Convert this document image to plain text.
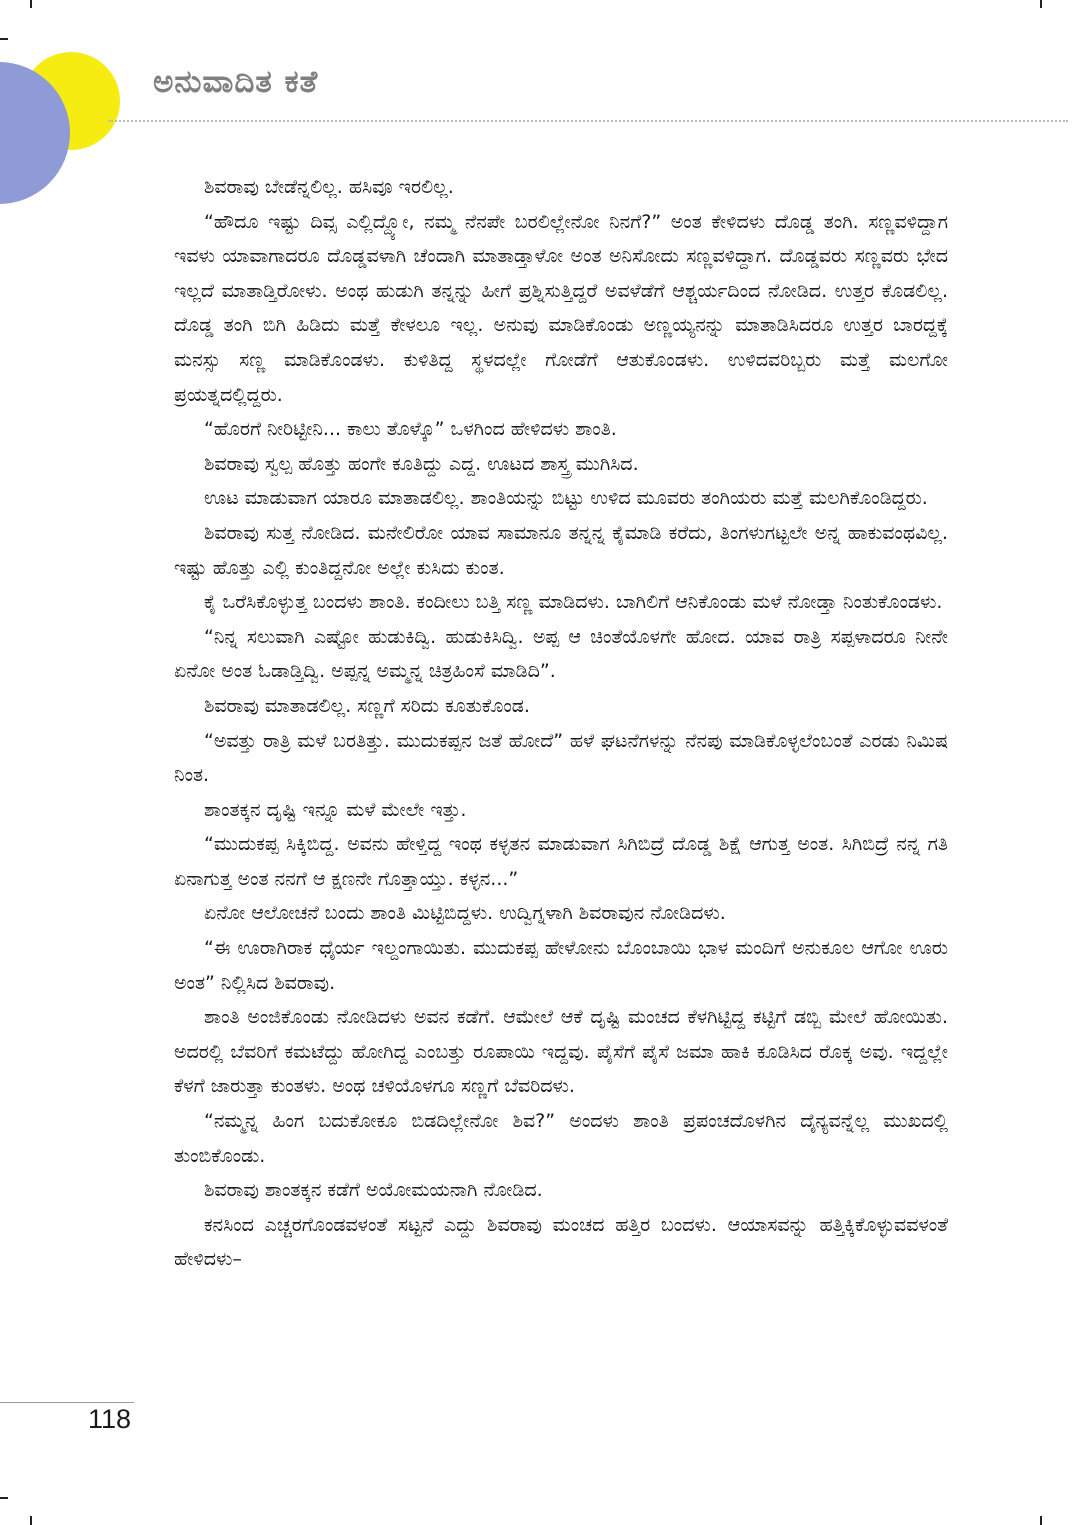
ಅನುವಾದಿತ ಕತೆ

ಶಿವರಾವು ಬೇಡೆನ್ನಲಿಲ್ಲ. ಹಸಿವೂ ಇರಲಿಲ್ಲ.

“ಹೌದೂ ಇಷ್ಟು ದಿವ್ಸ ಎಲ್ಲಿದ್ದ್ಯೋ, ನಮ್ಮ ನೆನಪೇ ಬರಲಿಲ್ಲೇನೋ ನಿನಗೆ?” ಅಂತ ಕೇಳಿದಳು ದೊಡ್ಡ ತಂಗಿ. ಸಣ್ಣವಳಿದ್ದಾಗ ಇವಳು ಯಾವಾಗಾದರೂ ದೊಡ್ಡವಳಾಗಿ ಚೆಂದಾಗಿ ಮಾತಾಡ್ತಾಳೋ ಅಂತ ಅನಿಸೋದು ಸಣ್ಣವಳಿದ್ದಾಗ. ದೊಡ್ಡವರು ಸಣ್ಣವರು ಭೇದ ಇಲ್ಲದೆ ಮಾತಾಡ್ತಿರೋಳು. ಅಂಥ ಹುಡುಗಿ ತನ್ನನ್ನು ಹೀಗೆ ಪ್ರಶ್ನಿಸುತ್ತಿದ್ದರೆ ಅವಳೆಡೆಗೆ ಆಶ್ಚರ್ಯದಿಂದ ನೋಡಿದ. ಉತ್ತರ ಕೊಡಲಿಲ್ಲ. ದೊಡ್ಡ ತಂಗಿ ಬಿಗಿ ಹಿಡಿದು ಮತ್ತೆ ಕೇಳಲೂ ಇಲ್ಲ. ಅನುವು ಮಾಡಿಕೊಂಡು ಅಣ್ಣಯ್ಯನನ್ನು ಮಾತಾಡಿಸಿದರೂ ಉತ್ತರ ಬಾರದ್ದಕ್ಕೆ ಮನಸ್ಸು ಸಣ್ಣ ಮಾಡಿಕೊಂಡಳು. ಕುಳಿತಿದ್ದ ಸ್ಥಳದಲ್ಲೇ ಗೋಡೆಗೆ ಆತುಕೊಂಡಳು. ಉಳಿದವರಿಬ್ಬರು ಮತ್ತೆ ಮಲಗೋ ಪ್ರಯತ್ನದಲ್ಲಿದ್ದರು.

“ಹೊರಗೆ ನೀರಿಟ್ಟೀನಿ... ಕಾಲು ತೊಳ್ಕೊ” ಒಳಗಿಂದ ಹೇಳಿದಳು ಶಾಂತಿ.

ಶಿವರಾವು ಸ್ವಲ್ಪ ಹೊತ್ತು ಹಂಗೇ ಕೂತಿದ್ದು ಎದ್ದ. ಊಟದ ಶಾಸ್ತ್ರ ಮುಗಿಸಿದ.

ಊಟ ಮಾಡುವಾಗ ಯಾರೂ ಮಾತಾಡಲಿಲ್ಲ. ಶಾಂತಿಯನ್ನು ಬಿಟ್ಟು ಉಳಿದ ಮೂವರು ತಂಗಿಯರು ಮತ್ತೆ ಮಲಗಿಕೊಂಡಿದ್ದರು.

ಶಿವರಾವು ಸುತ್ತ ನೋಡಿದ. ಮನೇಲಿರೋ ಯಾವ ಸಾಮಾನೂ ತನ್ನನ್ನ ಕೈಮಾಡಿ ಕರೆದು, ತಿಂಗಳುಗಟ್ಟಲೇ ಅನ್ನ ಹಾಕುವಂಥವಿಲ್ಲ. ಇಷ್ಟು ಹೊತ್ತು ಎಲ್ಲಿ ಕುಂತಿದ್ದನೋ ಅಲ್ಲೇ ಕುಸಿದು ಕುಂತ.

ಕೈ ಒರೆಸಿಕೊಳ್ಳುತ್ತ ಬಂದಳು ಶಾಂತಿ. ಕಂದೀಲು ಬತ್ತಿ ಸಣ್ಣ ಮಾಡಿದಳು. ಬಾಗಿಲಿಗೆ ಆನಿಕೊಂಡು ಮಳೆ ನೋಡ್ತಾ ನಿಂತುಕೊಂಡಳು.

“ನಿನ್ನ ಸಲುವಾಗಿ ಎಷ್ಟೋ ಹುಡುಕಿದ್ವಿ. ಹುಡುಕಿಸಿದ್ವಿ. ಅಪ್ಪ ಆ ಚಿಂತೆಯೊಳಗೇ ಹೋದ. ಯಾವ ರಾತ್ರಿ ಸಪ್ಪಳಾದರೂ ನೀನೇ ಏನೋ ಅಂತ ಓಡಾಡ್ತಿದ್ವಿ. ಅಪ್ಪನ್ನ ಅಮ್ಮನ್ನ ಚಿತ್ರಹಿಂಸೆ ಮಾಡಿದಿ”.

ಶಿವರಾವು ಮಾತಾಡಲಿಲ್ಲ. ಸಣ್ಣಗೆ ಸರಿದು ಕೂತುಕೊಂಡ.

“ಅವತ್ತು ರಾತ್ರಿ ಮಳೆ ಬರತಿತ್ತು. ಮುದುಕಪ್ಪನ ಜತೆ ಹೋದೆ” ಹಳೆ ಘಟನೆಗಳನ್ನು ನೆನಪು ಮಾಡಿಕೊಳ್ಳಲೆಂಬಂತೆ ಎರಡು ನಿಮಿಷ ನಿಂತ.

ಶಾಂತಕ್ಕನ ದೃಷ್ಟಿ ಇನ್ನೂ ಮಳೆ ಮೇಲೇ ಇತ್ತು.

“ಮುದುಕಪ್ಪ ಸಿಕ್ಕಿಬಿದ್ದ. ಅವನು ಹೇಳ್ತಿದ್ದ ಇಂಥ ಕಳ್ಳತನ ಮಾಡುವಾಗ ಸಿಗಿಬಿದ್ರೆ ದೊಡ್ಡ ಶಿಕ್ಷೆ ಆಗುತ್ತ ಅಂತ. ಸಿಗಿಬಿದ್ರೆ ನನ್ನ ಗತಿ ಏನಾಗುತ್ತ ಅಂತ ನನಗೆ ಆ ಕ್ಷಣನೇ ಗೊತ್ತಾಯ್ತು. ಕಳ್ಳನ...”

ಏನೋ ಆಲೋಚನೆ ಬಂದು ಶಾಂತಿ ಮಿಟ್ಟಿಬಿದ್ದಳು. ಉದ್ವಿಗ್ನಳಾಗಿ ಶಿವರಾವುನ ನೋಡಿದಳು.

“ಈ ಊರಾಗಿರಾಕ ಧೈರ್ಯ ಇಲ್ದಂಗಾಯಿತು. ಮುದುಕಪ್ಪ ಹೇಳೋನು ಬೊಂಬಾಯಿ ಭಾಳ ಮಂದಿಗೆ ಅನುಕೂಲ ಆಗೋ ಊರು ಅಂತ” ನಿಲ್ಲಿಸಿದ ಶಿವರಾವು.

ಶಾಂತಿ ಅಂಜಿಕೊಂಡು ನೋಡಿದಳು ಅವನ ಕಡೆಗೆ. ಆಮೇಲೆ ಆಕೆ ದೃಷ್ಟಿ ಮಂಚದ ಕೆಳಗಿಟ್ಟಿದ್ದ ಕಟ್ಟಿಗೆ ಡಬ್ಬಿ ಮೇಲೆ ಹೋಯಿತು. ಅದರಲ್ಲಿ ಬೆವರಿಗೆ ಕಮಟೆದ್ದು ಹೋಗಿದ್ದ ಎಂಬತ್ತು ರೂಪಾಯಿ ಇದ್ದವು. ಪೈಸೆಗೆ ಪೈಸೆ ಜಮಾ ಹಾಕಿ ಕೂಡಿಸಿದ ರೊಕ್ಕ ಅವು. ಇದ್ದಲ್ಲೇ ಕೆಳಗೆ ಜಾರುತ್ತಾ ಕುಂತಳು. ಅಂಥ ಚಳಿಯೊಳಗೂ ಸಣ್ಣಗೆ ಬೆವರಿದಳು.

“ನಮ್ಮನ್ನ ಹಿಂಗ ಬದುಕೋಕೂ ಬಿಡದಿಲ್ಲೇನೋ ಶಿವ?” ಅಂದಳು ಶಾಂತಿ ಪ್ರಪಂಚದೊಳಗಿನ ದೈನ್ಯವನ್ನೆಲ್ಲ ಮುಖದಲ್ಲಿ ತುಂಬಿಕೊಂಡು.

ಶಿವರಾವು ಶಾಂತಕ್ಕನ ಕಡೆಗೆ ಅಯೋಮಯನಾಗಿ ನೋಡಿದ.

ಕನಸಿಂದ ಎಚ್ಚರಗೊಂಡವಳಂತೆ ಸಟ್ಟನೆ ಎದ್ದು ಶಿವರಾವು ಮಂಚದ ಹತ್ತಿರ ಬಂದಳು. ಆಯಾಸವನ್ನು ಹತ್ತಿಕ್ಕಿಕೊಳ್ಳುವವಳಂತೆ ಹೇಳಿದಳು–

118
